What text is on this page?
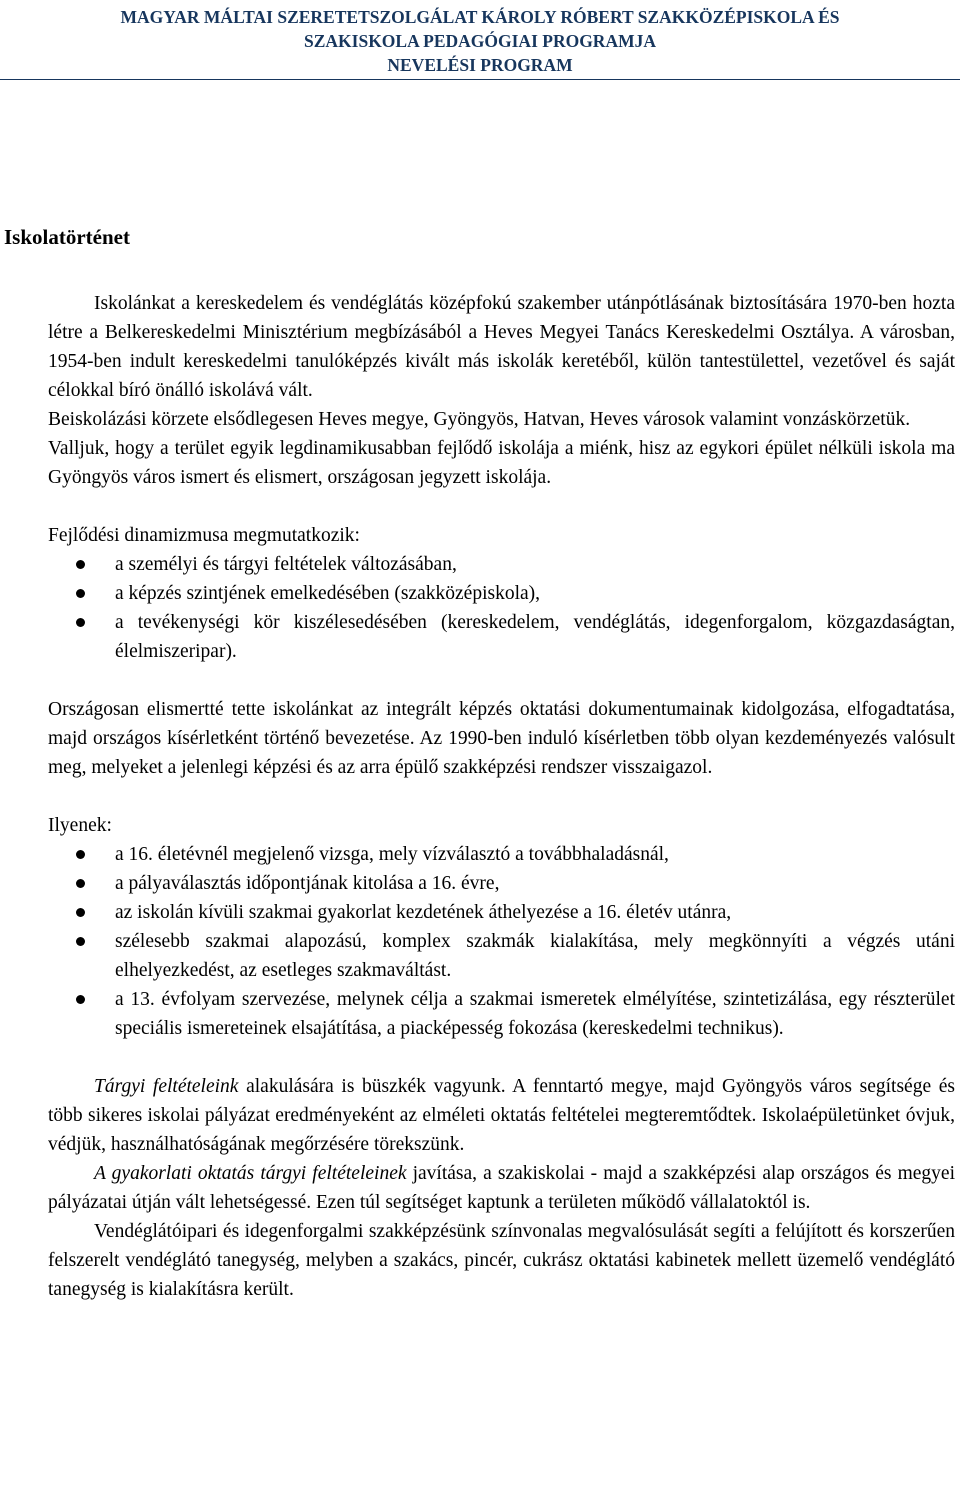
MAGYAR MÁLTAI SZERETETSZOLGÁLAT KÁROLY RÓBERT SZAKKÖZÉPISKOLA ÉS
SZAKISKOLA PEDAGÓGIAI PROGRAMJA
NEVELÉSI PROGRAM
Iskolatörténet

Iskolánkat a kereskedelem és vendéglátás középfokú szakember utánpótlásának biztosítására 1970-ben hozta létre a Belkereskedelmi Minisztérium megbízásából a Heves Megyei Tanács Kereskedelmi Osztálya. A városban, 1954-ben indult kereskedelmi tanulóképzés kivált más iskolák keretéből, külön tantestülettel, vezetővel és saját célokkal bíró önálló iskolává vált.

Beiskolázási körzete elsődlegesen Heves megye, Gyöngyös, Hatvan, Heves városok valamint vonzáskörzetük.

Valljuk, hogy a terület egyik legdinamikusabban fejlődő iskolája a miénk, hisz az egykori épület nélküli iskola ma Gyöngyös város ismert és elismert, országosan jegyzett iskolája.

Fejlődési dinamizmusa megmutatkozik:

a személyi és tárgyi feltételek változásában,
a képzés szintjének emelkedésében (szakközépiskola),
a tevékenységi kör kiszélesedésében (kereskedelem, vendéglátás, idegenforgalom, közgazdaságtan, élelmiszeripar).

Országosan elismertté tette iskolánkat az integrált képzés oktatási dokumentumainak kidolgozása, elfogadtatása, majd országos kísérletként történő bevezetése. Az 1990-ben induló kísérletben több olyan kezdeményezés valósult meg, melyeket a jelenlegi képzési és az arra épülő szakképzési rendszer visszaigazol.

Ilyenek:

a 16. életévnél megjelenő vizsga, mely vízválasztó a továbbhaladásnál,
a pályaválasztás időpontjának kitolása a 16. évre,
az iskolán kívüli szakmai gyakorlat kezdetének áthelyezése a 16. életév utánra,
szélesebb szakmai alapozású, komplex szakmák kialakítása, mely megkönnyíti a végzés utáni elhelyezkedést, az esetleges szakmaváltást.
a 13. évfolyam szervezése, melynek célja a szakmai ismeretek elmélyítése, szintetizálása, egy részterület speciális ismereteinek elsajátítása, a piacképesség fokozása (kereskedelmi technikus).

Tárgyi feltételeink alakulására is büszkék vagyunk. A fenntartó megye, majd Gyöngyös város segítsége és több sikeres iskolai pályázat eredményeként az elméleti oktatás feltételei megteremtődtek. Iskolaépületünket óvjuk, védjük, használhatóságának megőrzésére törekszünk.

A gyakorlati oktatás tárgyi feltételeinek javítása, a szakiskolai - majd a szakképzési alap országos és megyei pályázatai útján vált lehetségessé. Ezen túl segítséget kaptunk a területen működő vállalatoktól is.

Vendéglátóipari és idegenforgalmi szakképzésünk színvonalas megvalósulását segíti a felújított és korszerűen felszerelt vendéglátó tanegység, melyben a szakács, pincér, cukrász oktatási kabinetek mellett üzemelő vendéglátó tanegység is kialakításra került.
